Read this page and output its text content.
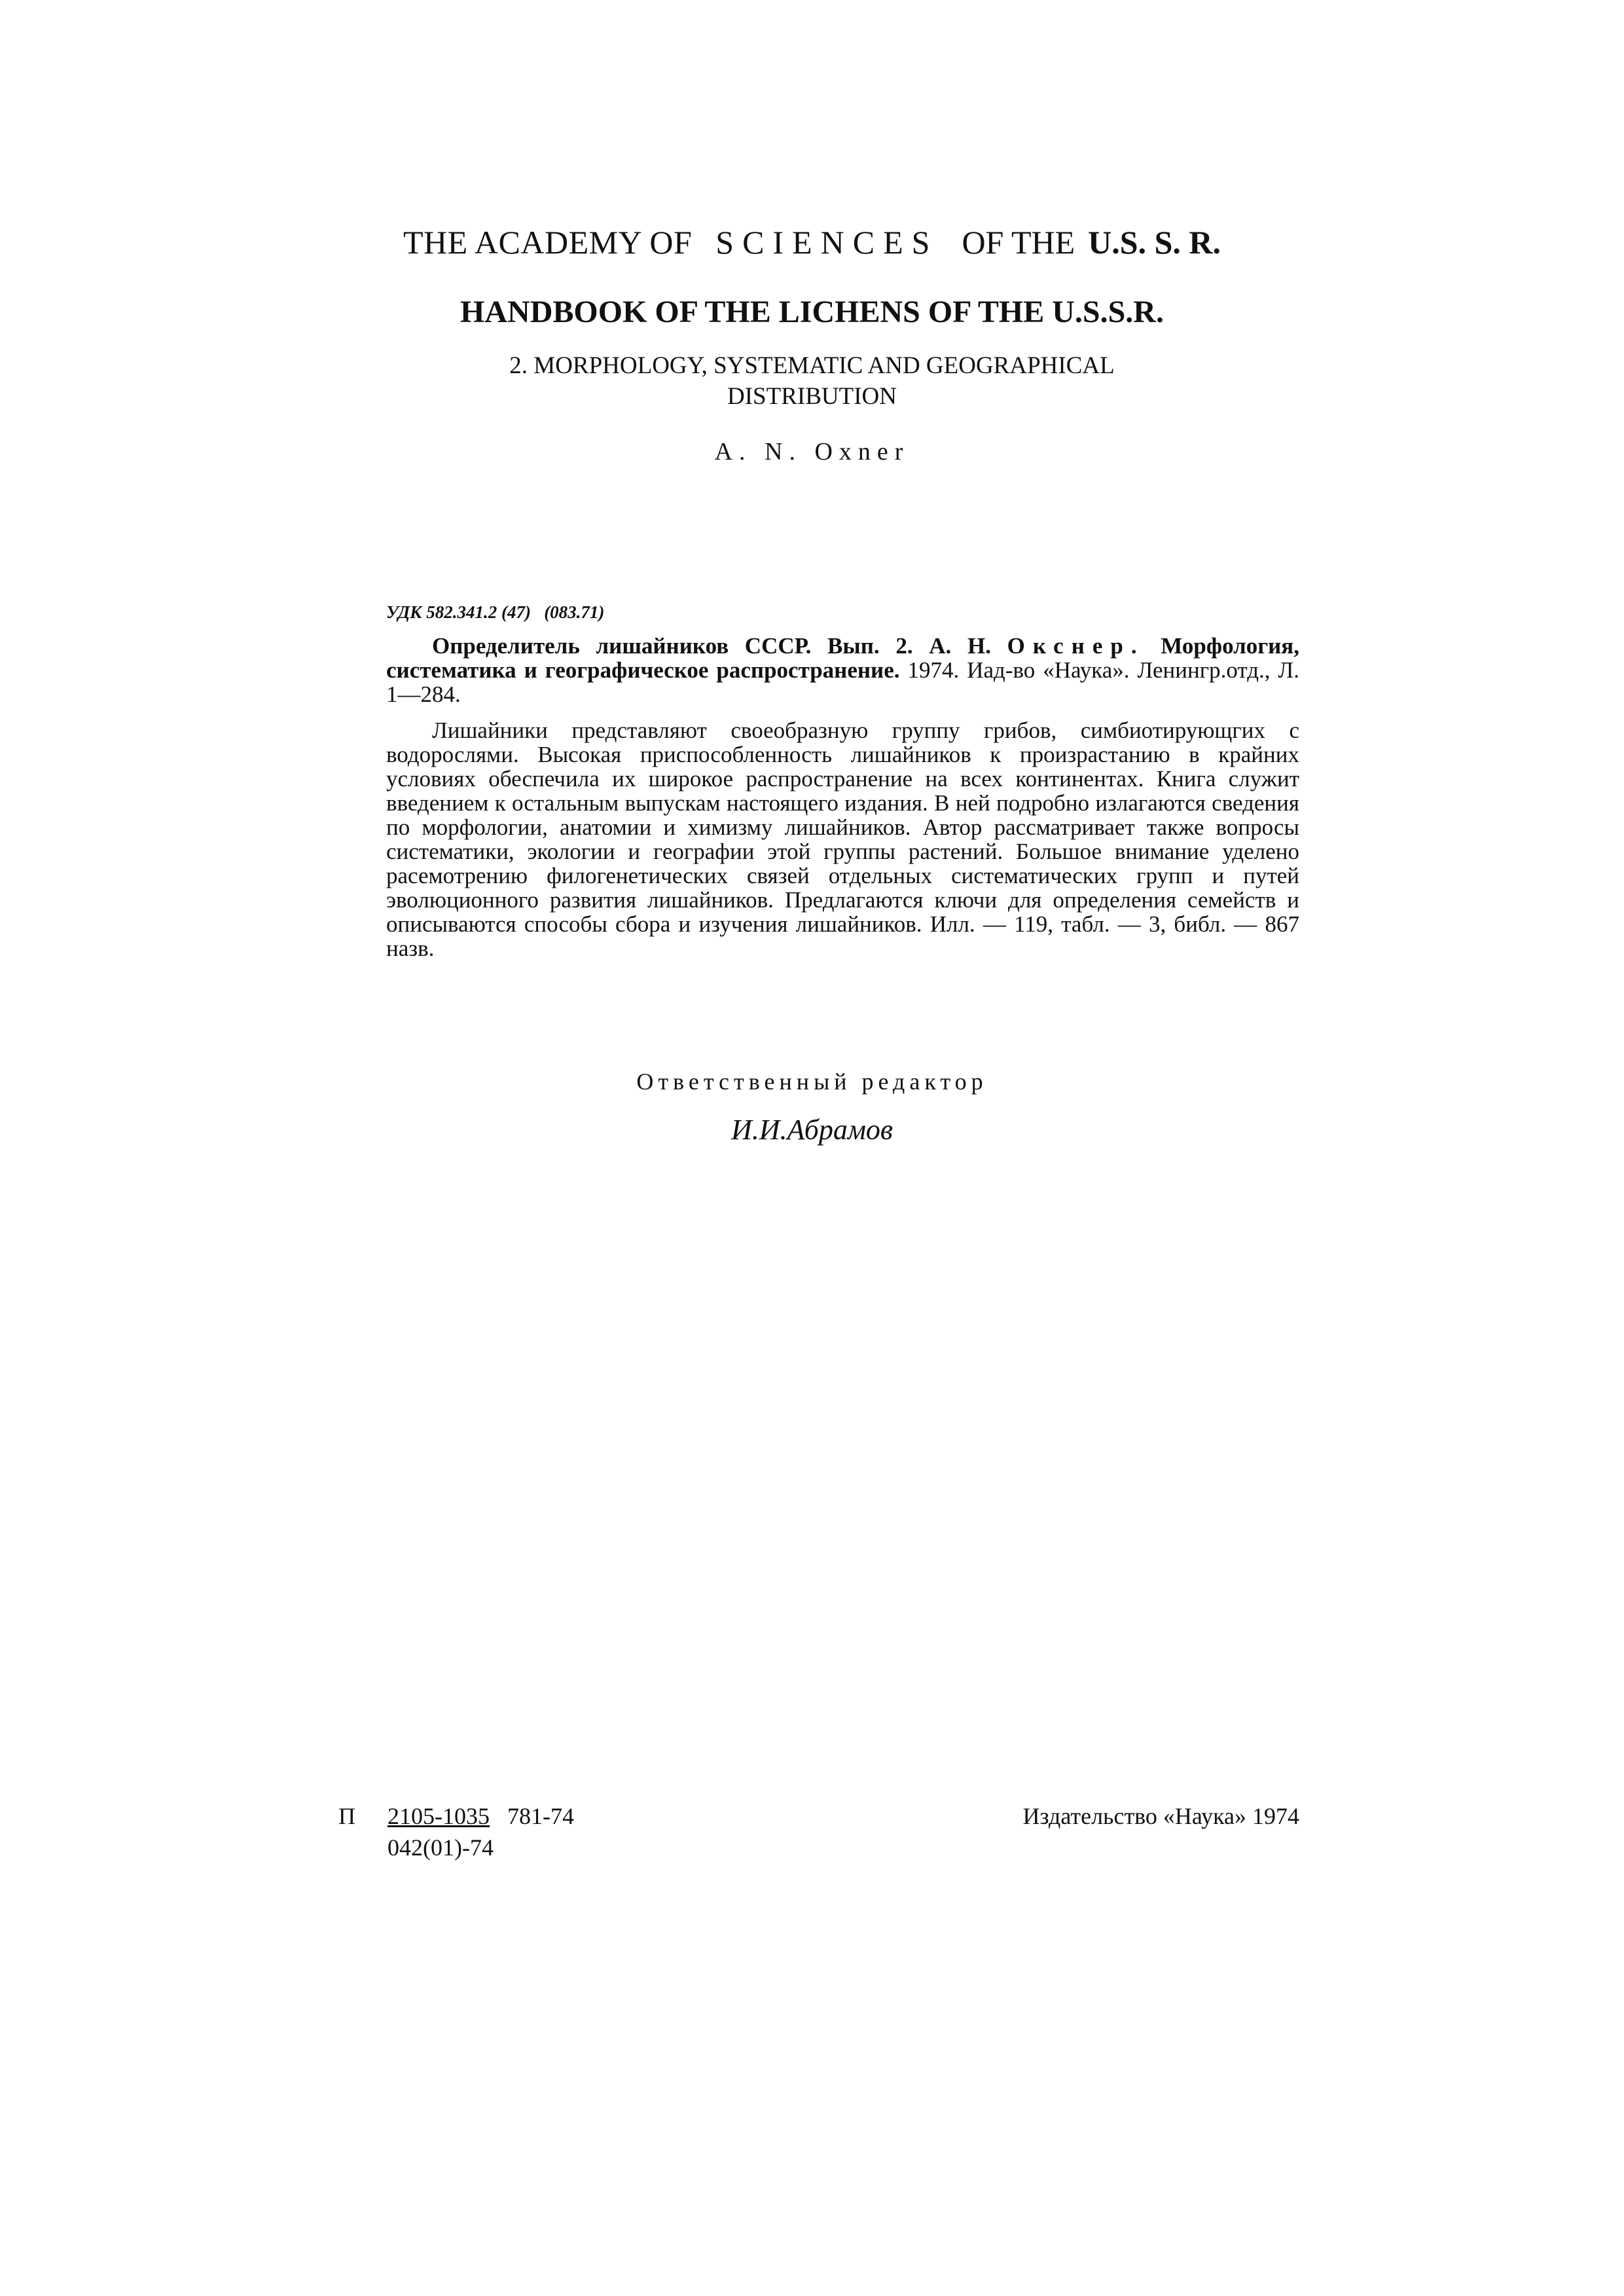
THE ACADEMY OF SCIENCES OF THE U.S. S. R.
HANDBOOK OF THE LICHENS OF THE U.S.S.R.
2. MORPHOLOGY, SYSTEMATIC AND GEOGRAPHICAL
DISTRIBUTION
A. N. Oxner
УДК 582.341.2 (47)   (083.71)
Определитель лишайников СССР. Вып. 2. А. Н. Окснер. Морфология, систематика и географическое распространение. 1974. Иад-во «Наука». Ленингр.отд., Л. 1—284.
Лишайники представляют своеобразную группу грибов, симбиотирующгих с водорослями. Высокая приспособленность лишайников к произрастанию в крайних условиях обеспечила их широкое распространение на всех континентах. Книга служит введением к остальным выпускам настоящего издания. В ней подробно излагаются сведения по морфологии, анатомии и химизму лишайников. Автор рассматривает также вопросы систематики, экологии и географии этой группы растений. Большое внимание уделено расемотрению филогенетических связей отдельных систематических групп и путей эволюционного развития лишайников. Предлагаются ключи для определения семейств и описываются способы сбора и изучения лишайников. Илл. — 119, табл. — 3, библ. — 867 назв.
Ответственный редактор
И.И.Абрамов
П 2105-1035 781-74
042(01)-74
Издательство «Наука» 1974
